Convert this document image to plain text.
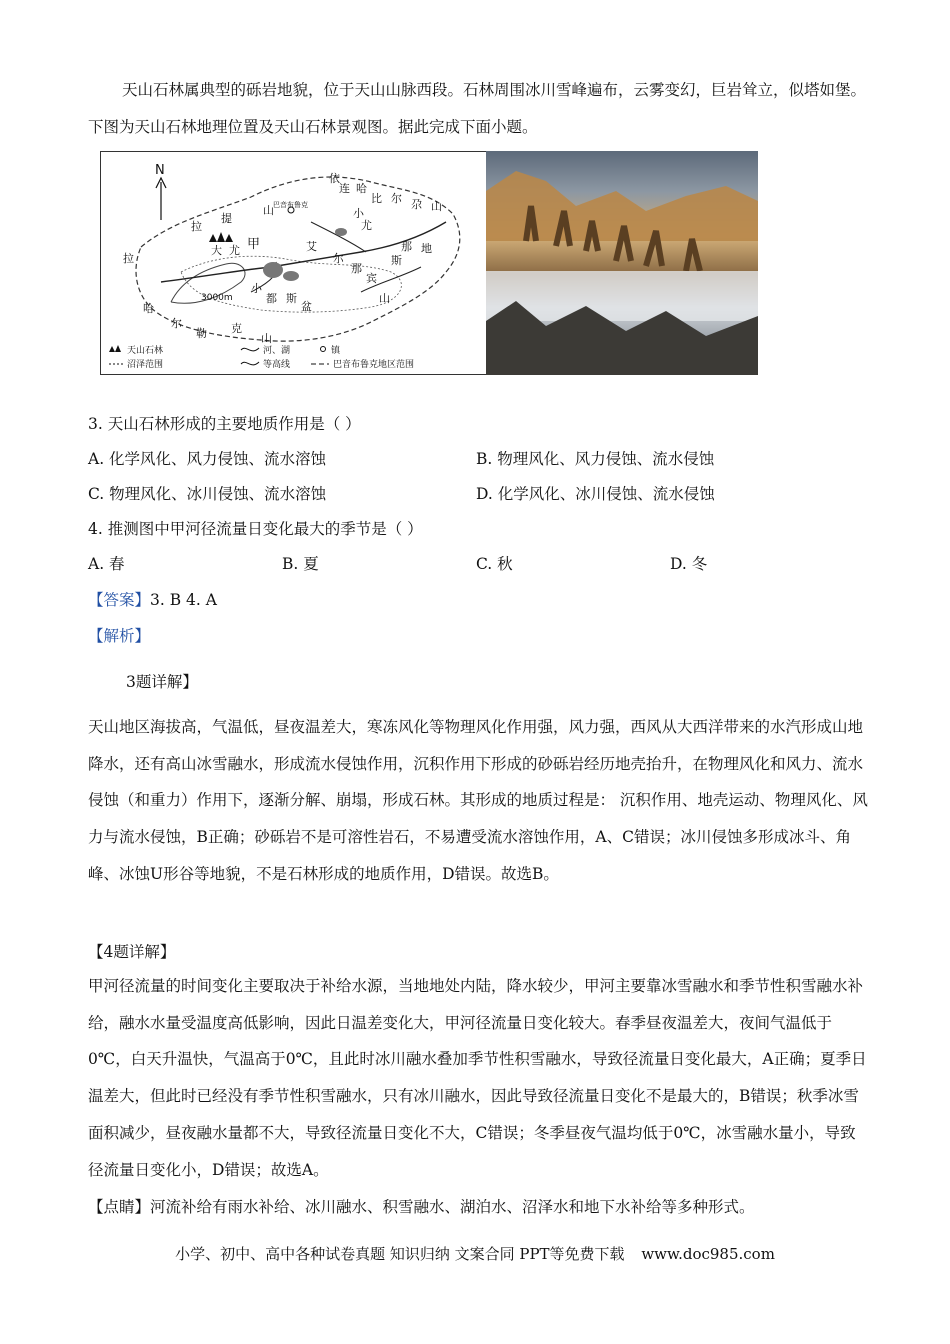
天山石林属典型的砾岩地貌，位于天山山脉西段。石林周围冰川雪峰遍布，云雾变幻，巨岩耸立，似塔如堡。下图为天山石林地理位置及天山石林景观图。据此完成下面小题。
N
依
连 哈
比 尔 尕 山
提
山 巴音布鲁克
小
尤
拉
大 尤 甲	艾
尔
那
宾
山
那
拉
哈
尔
勒 克
山
3000m
小
都 斯
盆
斯
地
天山石林	河、湖	镇
沼泽范围	等高线	巴音布鲁克地区范围
3. 天山石林形成的主要地质作用是（ ）
A. 化学风化、风力侵蚀、流水溶蚀	B. 物理风化、风力侵蚀、流水侵蚀
C. 物理风化、冰川侵蚀、流水溶蚀	D. 化学风化、冰川侵蚀、流水侵蚀
4. 推测图中甲河径流量日变化最大的季节是（ ）
A. 春	B. 夏	C. 秋	D. 冬
【答案】3. B 4. A
【解析】
3题详解】
天山地区海拔高，气温低，昼夜温差大，寒冻风化等物理风化作用强，风力强，西风从大西洋带来的水汽形成山地降水，还有高山冰雪融水，形成流水侵蚀作用，沉积作用下形成的砂砾岩经历地壳抬升，在物理风化和风力、流水侵蚀（和重力）作用下，逐渐分解、崩塌，形成石林。其形成的地质过程是： 沉积作用、地壳运动、物理风化、风力与流水侵蚀，B正确；砂砾岩不是可溶性岩石，不易遭受流水溶蚀作用，A、C错误；冰川侵蚀多形成冰斗、角峰、冰蚀U形谷等地貌，不是石林形成的地质作用，D错误。故选B。
【4题详解】
甲河径流量的时间变化主要取决于补给水源，当地地处内陆，降水较少，甲河主要靠冰雪融水和季节性积雪融水补给，融水水量受温度高低影响，因此日温差变化大，甲河径流量日变化较大。春季昼夜温差大，夜间气温低于0℃，白天升温快，气温高于0℃，且此时冰川融水叠加季节性积雪融水，导致径流量日变化最大，A正确；夏季日温差大，但此时已经没有季节性积雪融水，只有冰川融水，因此导致径流量日变化不是最大的，B错误；秋季冰雪面积减少，昼夜融水量都不大，导致径流量日变化不大，C错误；冬季昼夜气温均低于0℃，冰雪融水量小，导致径流量日变化小，D错误；故选A。
【点睛】河流补给有雨水补给、冰川融水、积雪融水、湖泊水、沼泽水和地下水补给等多种形式。
小学、初中、高中各种试卷真题 知识归纳 文案合同 PPT等免费下载 www.doc985.com
